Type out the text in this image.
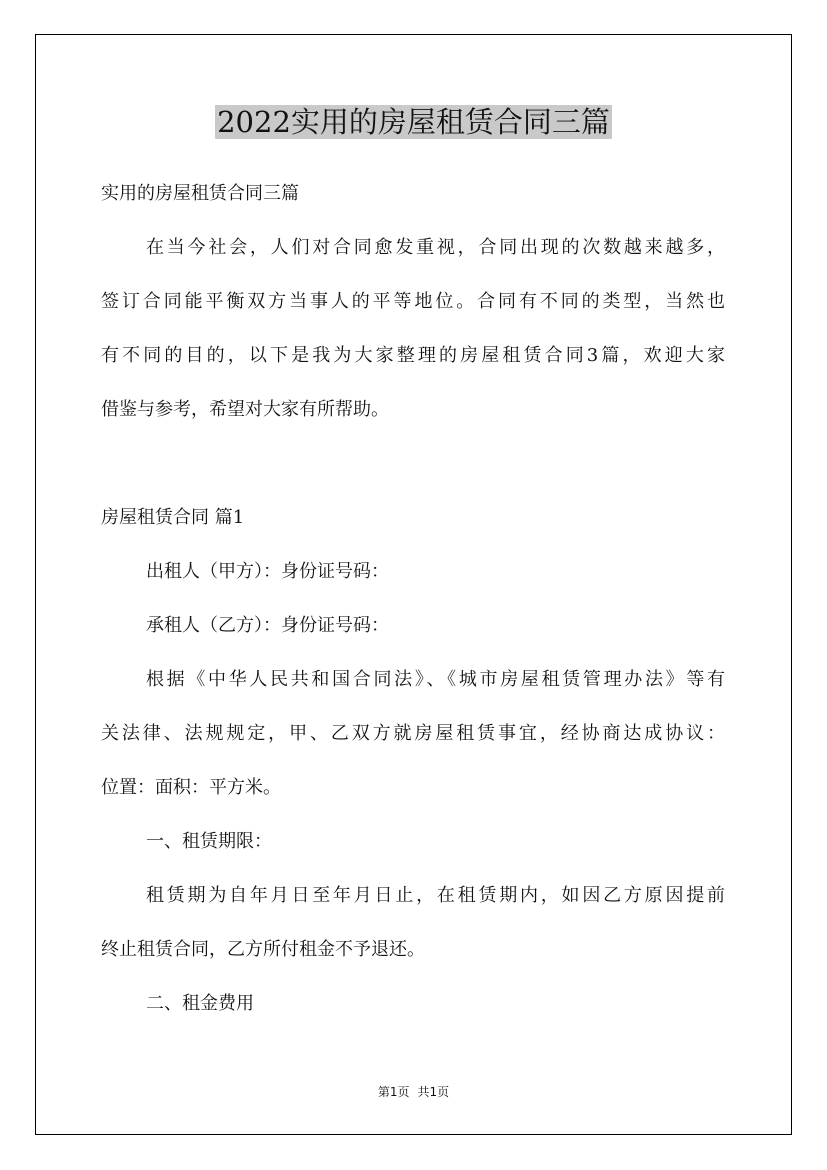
2022实用的房屋租赁合同三篇
实用的房屋租赁合同三篇
在当今社会，人们对合同愈发重视，合同出现的次数越来越多，
签订合同能平衡双方当事人的平等地位。合同有不同的类型，当然也
有不同的目的，以下是我为大家整理的房屋租赁合同3篇，欢迎大家
借鉴与参考，希望对大家有所帮助。
房屋租赁合同 篇1
出租人（甲方）：身份证号码：
承租人（乙方）：身份证号码：
根据《中华人民共和国合同法》、《城市房屋租赁管理办法》等有
关法律、法规规定，甲、乙双方就房屋租赁事宜，经协商达成协议：
位置：面积：平方米。
一、租赁期限：
租赁期为自年月日至年月日止，在租赁期内，如因乙方原因提前
终止租赁合同，乙方所付租金不予退还。
二、租金费用
第1页 共1页
